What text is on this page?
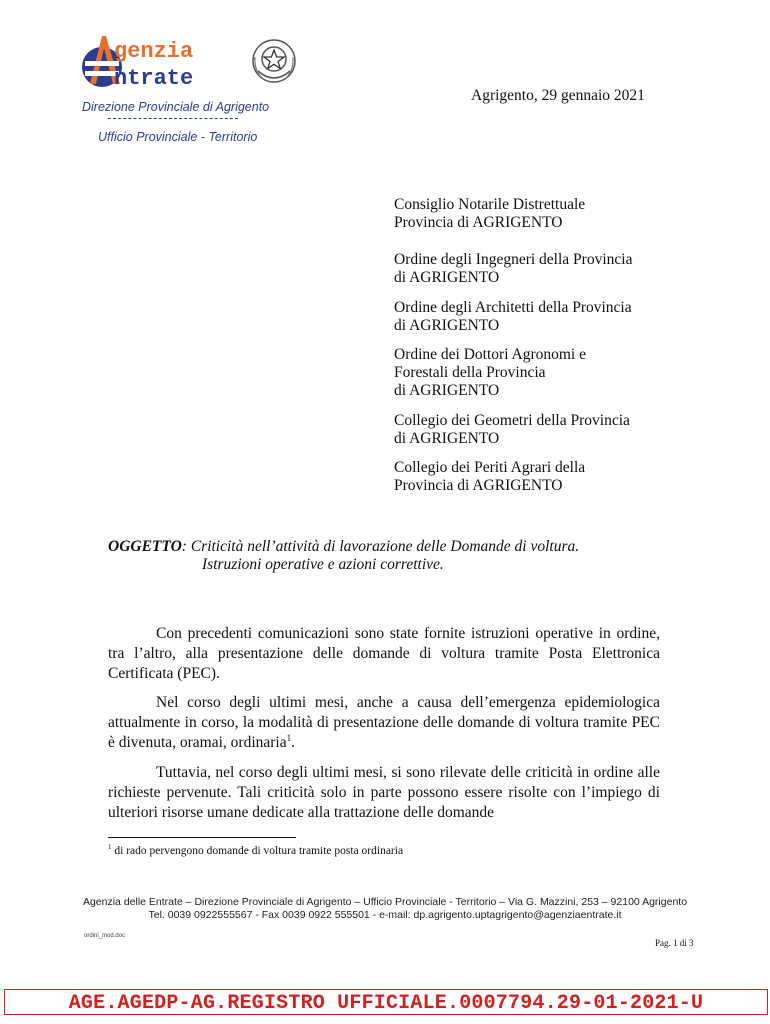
genzia
ntrate
Direzione Provinciale di Agrigento
Ufficio Provinciale - Territorio
Agrigento, 29 gennaio 2021
Consiglio Notarile Distrettuale
Provincia di AGRIGENTO
Ordine degli Ingegneri della Provincia
di AGRIGENTO
Ordine degli Architetti della Provincia
di AGRIGENTO
Ordine dei Dottori Agronomi e
Forestali della Provincia
di AGRIGENTO
Collegio dei Geometri della Provincia
di AGRIGENTO
Collegio dei Periti Agrari della
Provincia di AGRIGENTO
OGGETTO: Criticità nell’attività di lavorazione delle Domande di voltura.
Istruzioni operative e azioni correttive.
Con precedenti comunicazioni sono state fornite istruzioni operative in ordine, tra l’altro, alla presentazione delle domande di voltura tramite Posta Elettronica Certificata (PEC).
Nel corso degli ultimi mesi, anche a causa dell’emergenza epidemiologica attualmente in corso, la modalità di presentazione delle domande di voltura tramite PEC è divenuta, oramai, ordinaria$^1$.
Tuttavia, nel corso degli ultimi mesi, si sono rilevate delle criticità in ordine alle richieste pervenute. Tali criticità solo in parte possono essere risolte con l’impiego di ulteriori risorse umane dedicate alla trattazione delle domande
$^1$ di rado pervengono domande di voltura tramite posta ordinaria
Agenzia delle Entrate – Direzione Provinciale di Agrigento – Ufficio Provinciale - Territorio – Via G. Mazzini, 253 – 92100 Agrigento
Tel. 0039 0922555567 - Fax 0039 0922 555501 - e-mail: dp.agrigento.uptagrigento@agenziaentrate.it
ordini_mod.doc
Pag. 1 di 3
AGE.AGEDP-AG.REGISTRO UFFICIALE.0007794.29-01-2021-U
